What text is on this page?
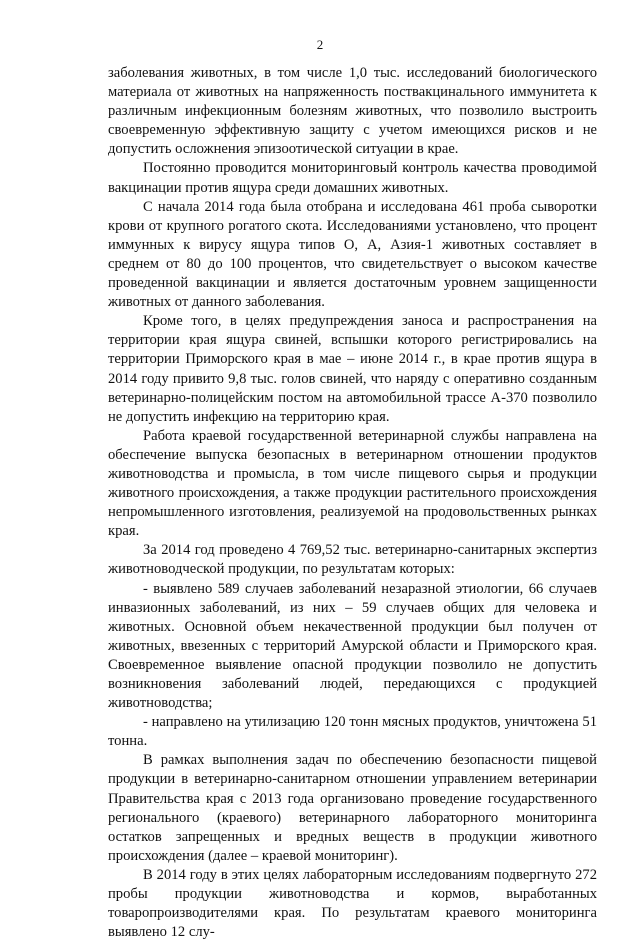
2

заболевания животных, в том числе 1,0 тыс. исследований биологического материала от животных на напряженность поствакцинального иммунитета к различным инфекционным болезням животных, что позволило выстроить своевременную эффективную защиту с учетом имеющихся рисков и не допустить осложнения эпизоотической ситуации в крае.

Постоянно проводится мониторинговый контроль качества проводимой вакцинации против ящура среди домашних животных.

С начала 2014 года была отобрана и исследована 461 проба сыворотки крови от крупного рогатого скота. Исследованиями установлено, что процент иммунных к вирусу ящура типов О, А, Азия-1 животных составляет в среднем от 80 до 100 процентов, что свидетельствует о высоком качестве проведенной вакцинации и является достаточным уровнем защищенности животных от данного заболевания.

Кроме того, в целях предупреждения заноса и распространения на территории края ящура свиней, вспышки которого регистрировались на территории Приморского края в мае – июне 2014 г., в крае против ящура в 2014 году привито 9,8 тыс. голов свиней, что наряду с оперативно созданным ветеринарно-полицейским постом на автомобильной трассе А-370 позволило не допустить инфекцию на территорию края.

Работа краевой государственной ветеринарной службы направлена на обеспечение выпуска безопасных в ветеринарном отношении продуктов животноводства и промысла, в том числе пищевого сырья и продукции животного происхождения, а также продукции растительного происхождения непромышленного изготовления, реализуемой на продовольственных рынках края.

За 2014 год проведено 4 769,52 тыс. ветеринарно-санитарных экспертиз животноводческой продукции, по результатам которых:

- выявлено 589 случаев заболеваний незаразной этиологии, 66 случаев инвазионных заболеваний, из них – 59 случаев общих для человека и животных. Основной объем некачественной продукции был получен от животных, ввезенных с территорий Амурской области и Приморского края. Своевременное выявление опасной продукции позволило не допустить возникновения заболеваний людей, передающихся с продукцией животноводства;

- направлено на утилизацию 120 тонн мясных продуктов, уничтожена 51 тонна.

В рамках выполнения задач по обеспечению безопасности пищевой продукции в ветеринарно-санитарном отношении управлением ветеринарии Правительства края с 2013 года организовано проведение государственного регионального (краевого) ветеринарного лабораторного мониторинга остатков запрещенных и вредных веществ в продукции животного происхождения (далее – краевой мониторинг).

В 2014 году в этих целях лабораторным исследованиям подвергнуто 272 пробы продукции животноводства и кормов, выработанных товаропроизводителями края. По результатам краевого мониторинга выявлено 12 слу-
